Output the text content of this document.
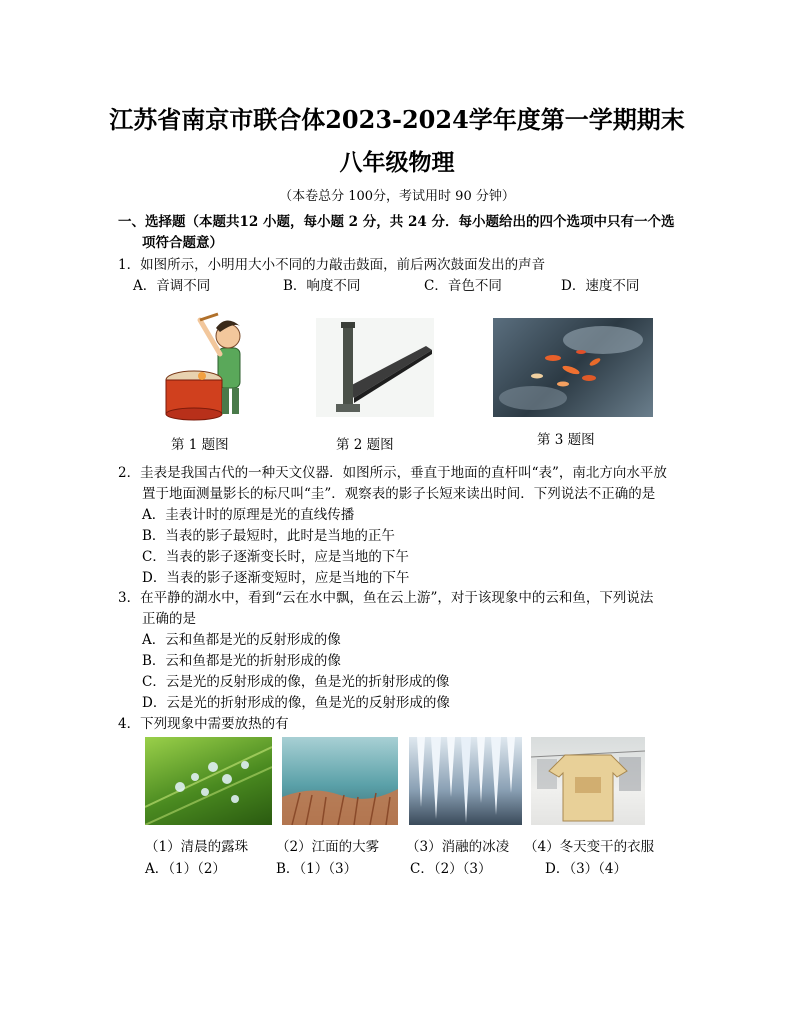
江苏省南京市联合体2023-2024学年度第一学期期末
八年级物理
（本卷总分 100分，考试用时 90 分钟）
一、选择题（本题共12 小题，每小题 2 分，共 24 分．每小题给出的四个选项中只有一个选
项符合题意）
1．如图所示，小明用大小不同的力敲击鼓面，前后两次鼓面发出的声音
A．音调不同	B．响度不同	C．音色不同	D．速度不同
第 1 题图	第 2 题图	第 3 题图
2．圭表是我国古代的一种天文仪器．如图所示，垂直于地面的直杆叫“表”，南北方向水平放
置于地面测量影长的标尺叫“圭”．观察表的影子长短来读出时间．下列说法不正确的是
A．圭表计时的原理是光的直线传播
B．当表的影子最短时，此时是当地的正午
C．当表的影子逐渐变长时，应是当地的下午
D．当表的影子逐渐变短时，应是当地的下午
3．在平静的湖水中，看到“云在水中飘，鱼在云上游”，对于该现象中的云和鱼，下列说法
正确的是
A．云和鱼都是光的反射形成的像
B．云和鱼都是光的折射形成的像
C．云是光的反射形成的像，鱼是光的折射形成的像
D．云是光的折射形成的像，鱼是光的反射形成的像
4．下列现象中需要放热的有
（1）清晨的露珠 （2）江面的大雾 （3）消融的冰凌 （4）冬天变干的衣服
A．（1）（2）	B．（1）（3）	C．（2）（3）	D．（3）（4）
